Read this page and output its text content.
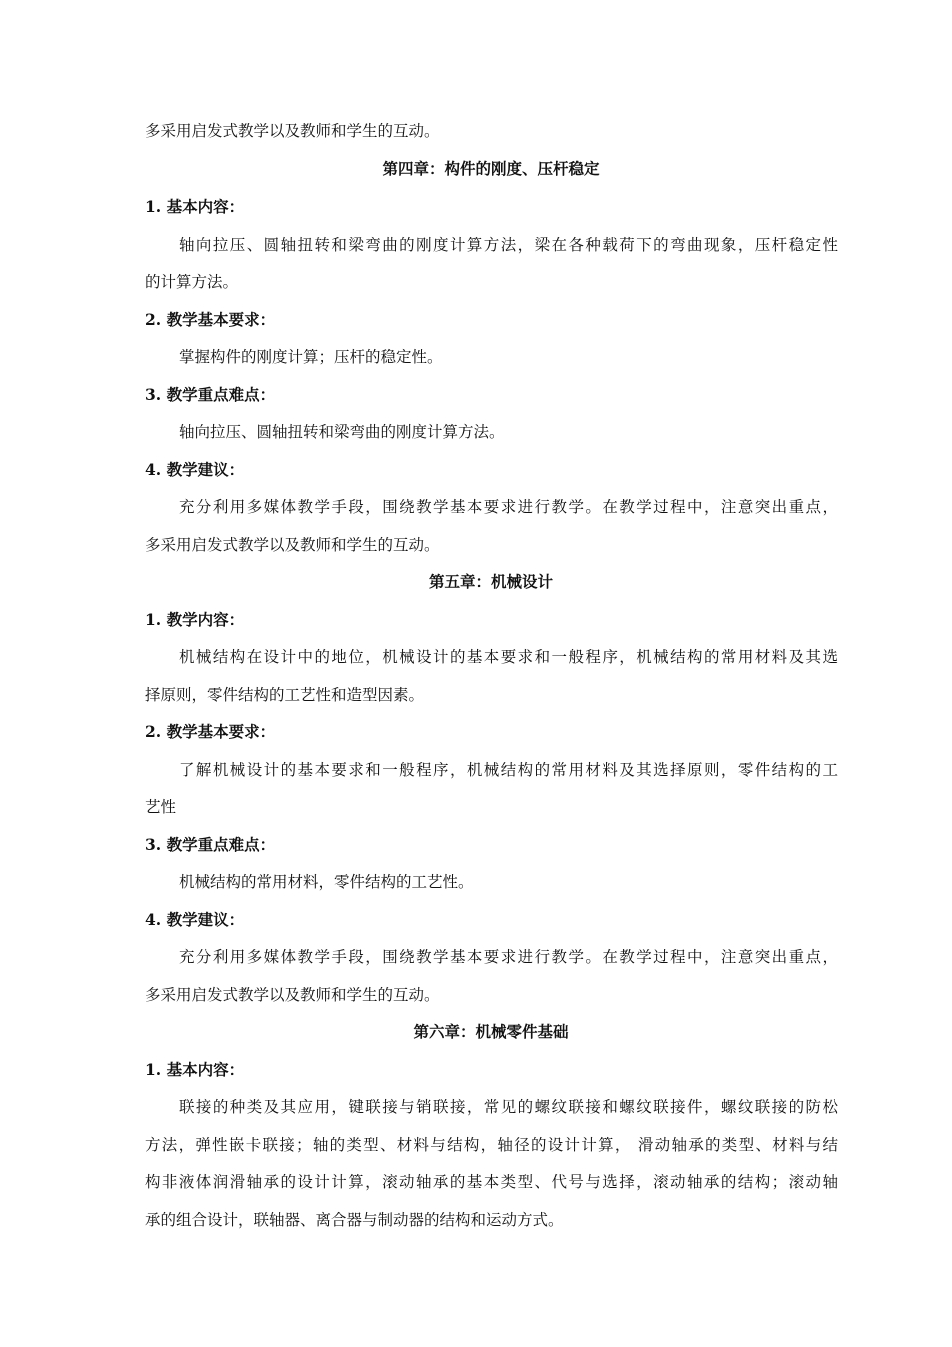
多采用启发式教学以及教师和学生的互动。
第四章：构件的刚度、压杆稳定
1. 基本内容：
轴向拉压、圆轴扭转和梁弯曲的刚度计算方法，梁在各种载荷下的弯曲现象，压杆稳定性
的计算方法。
2. 教学基本要求：
掌握构件的刚度计算；压杆的稳定性。
3. 教学重点难点：
轴向拉压、圆轴扭转和梁弯曲的刚度计算方法。
4. 教学建议：
充分利用多媒体教学手段，围绕教学基本要求进行教学。在教学过程中，注意突出重点，
多采用启发式教学以及教师和学生的互动。
第五章：机械设计
1. 教学内容：
机械结构在设计中的地位，机械设计的基本要求和一般程序，机械结构的常用材料及其选
择原则，零件结构的工艺性和造型因素。
2. 教学基本要求：
了解机械设计的基本要求和一般程序，机械结构的常用材料及其选择原则，零件结构的工
艺性
3. 教学重点难点：
机械结构的常用材料，零件结构的工艺性。
4. 教学建议：
充分利用多媒体教学手段，围绕教学基本要求进行教学。在教学过程中，注意突出重点，
多采用启发式教学以及教师和学生的互动。
第六章：机械零件基础
1. 基本内容：
联接的种类及其应用，键联接与销联接，常见的螺纹联接和螺纹联接件，螺纹联接的防松
方法，弹性嵌卡联接；轴的类型、材料与结构，轴径的设计计算， 滑动轴承的类型、材料与结
构非液体润滑轴承的设计计算，滚动轴承的基本类型、代号与选择，滚动轴承的结构；滚动轴
承的组合设计，联轴器、离合器与制动器的结构和运动方式。
